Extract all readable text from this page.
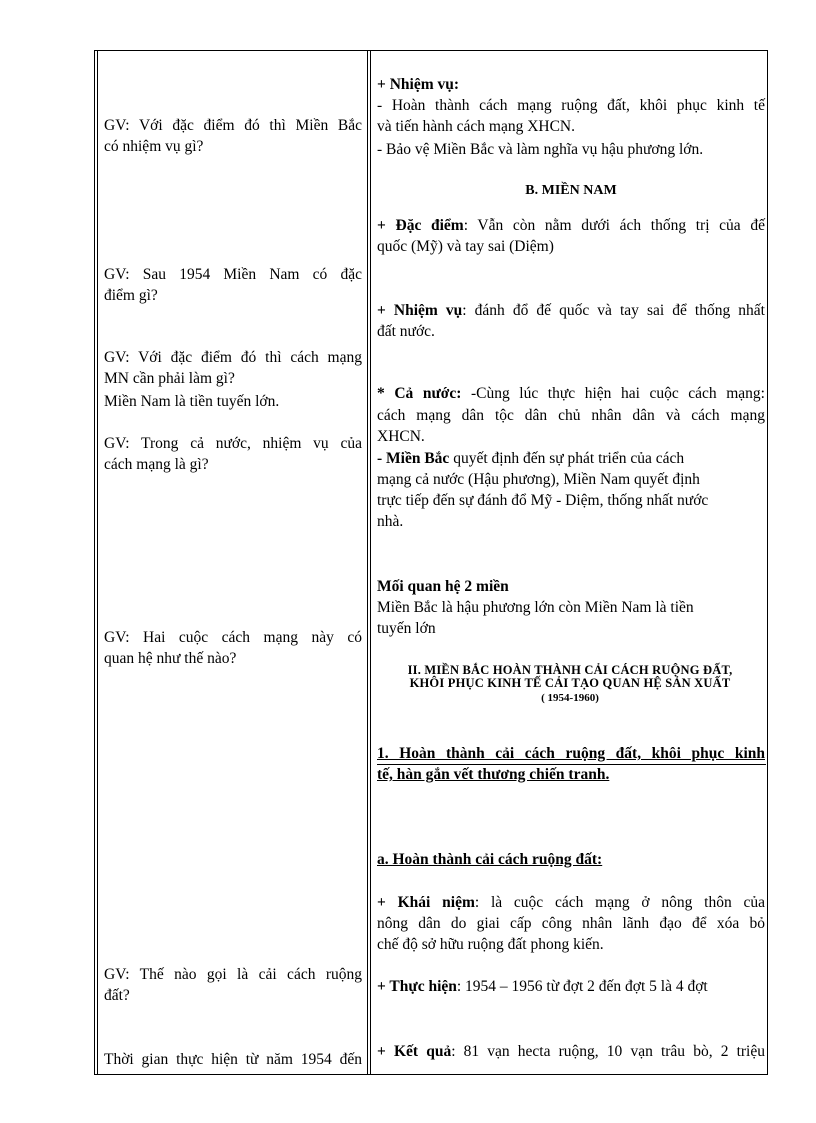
GV: Với đặc điểm đó thì Miền Bắc
có nhiệm vụ gì?
GV: Sau 1954 Miền Nam có đặc
điểm gì?
GV: Với đặc điểm đó thì cách mạng
MN cần phải làm gì?
Miền Nam là tiền tuyến lớn.
GV: Trong cả nước, nhiệm vụ của
cách mạng là gì?
GV: Hai cuộc cách mạng này có
quan hệ như thế nào?
GV: Thế nào gọi là cải cách ruộng
đất?
Thời gian thực hiện từ năm 1954 đến
+ Nhiệm vụ:
- Hoàn thành cách mạng ruộng đất, khôi phục kinh tế
và tiến hành cách mạng XHCN.
- Bảo vệ Miền Bắc và làm nghĩa vụ hậu phương lớn.
B. MIỀN NAM
+ Đặc điểm: Vẫn còn nằm dưới ách thống trị của đế
quốc (Mỹ) và tay sai (Diệm)
+ Nhiệm vụ: đánh đổ đế quốc và tay sai để thống nhất
đất nước.
* Cả nước: -Cùng lúc thực hiện hai cuộc cách mạng:
cách mạng dân tộc dân chủ nhân dân và cách mạng
XHCN.
- Miền Bắc quyết định đến sự phát triển của cách
mạng cả nước (Hậu phương), Miền Nam quyết định
trực tiếp đến sự đánh đổ Mỹ - Diệm, thống nhất nước
nhà.
Mối quan hệ 2 miền
Miền Bắc là hậu phương lớn còn Miền Nam là tiền
tuyến lớn
II. MIỀN BẮC HOÀN THÀNH CẢI CÁCH RUỘNG ĐẤT,
KHÔI PHỤC KINH TẾ CẢI TẠO QUAN HỆ SẢN XUẤT
( 1954-1960)
1. Hoàn thành cải cách ruộng đất, khôi phục kinh
tế, hàn gắn vết thương chiến tranh.
a. Hoàn thành cải cách ruộng đất:
+ Khái niệm: là cuộc cách mạng ở nông thôn của
nông dân do giai cấp công nhân lãnh đạo để xóa bỏ
chế độ sở hữu ruộng đất phong kiến.
+ Thực hiện: 1954 – 1956 từ đợt 2 đến đợt 5 là 4 đợt
+ Kết quả: 81 vạn hecta ruộng, 10 vạn trâu bò, 2 triệu
